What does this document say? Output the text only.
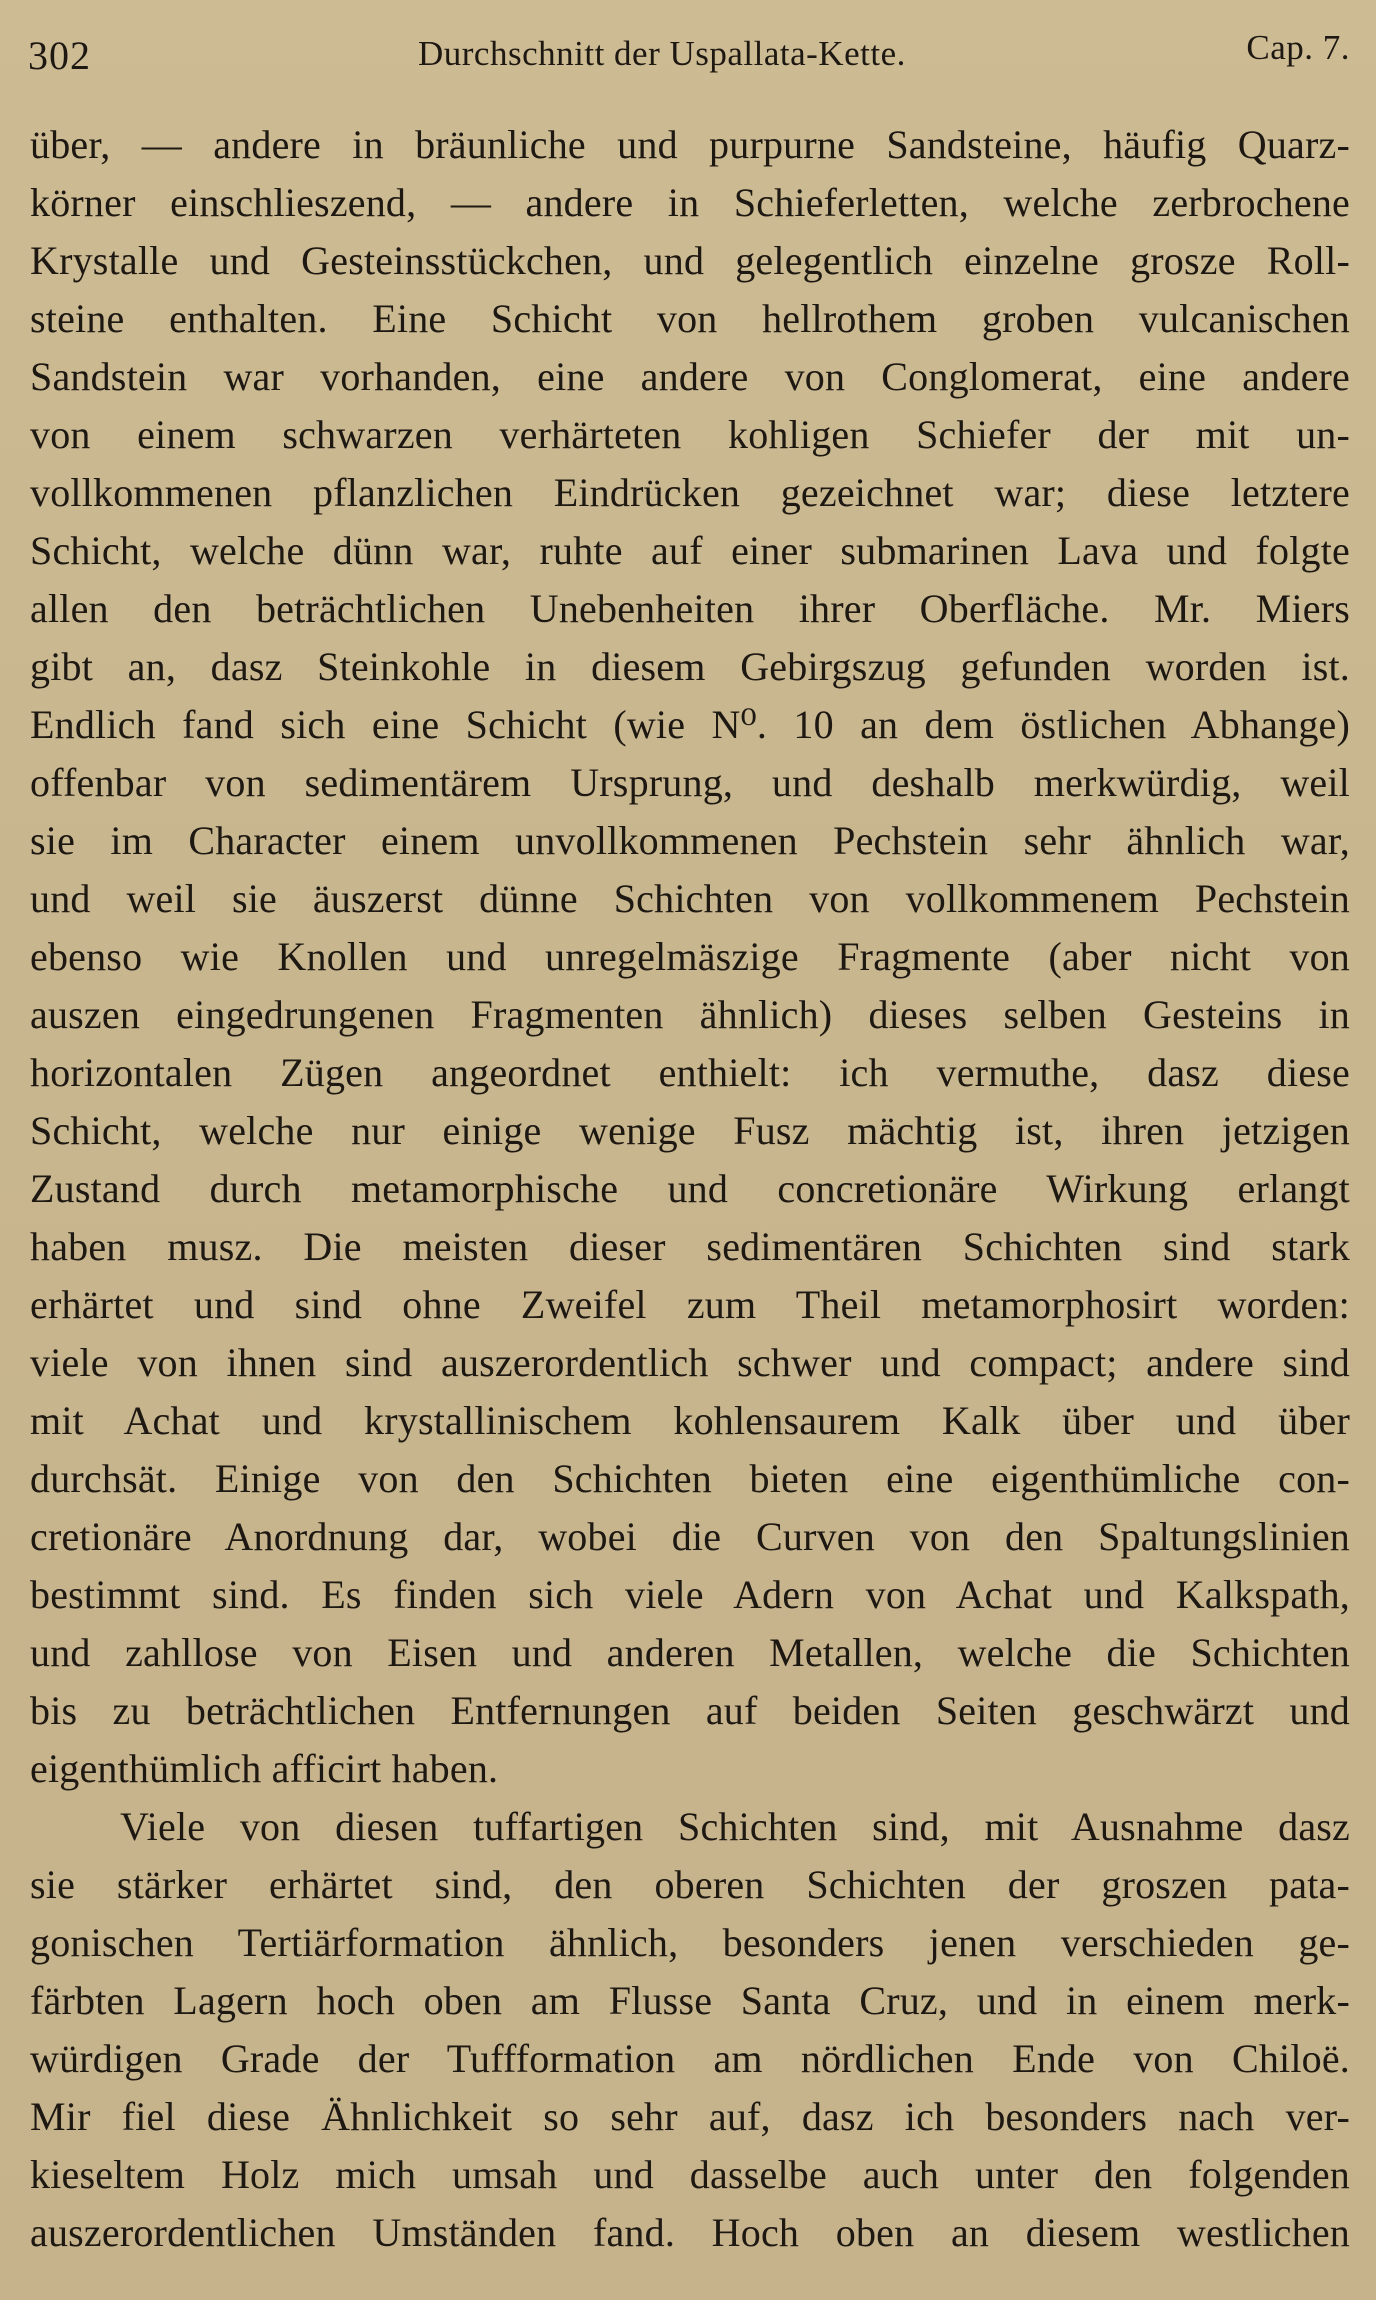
302	Durchschnitt der Uspallata-Kette.	Cap. 7.
über, — andere in bräunliche und purpurne Sandsteine, häufig Quarz-
körner einschlieszend, — andere in Schieferletten, welche zerbrochene
Krystalle und Gesteinsstückchen, und gelegentlich einzelne grosze Roll-
steine enthalten. Eine Schicht von hellrothem groben vulcanischen
Sandstein war vorhanden, eine andere von Conglomerat, eine andere
von einem schwarzen verhärteten kohligen Schiefer der mit un-
vollkommenen pflanzlichen Eindrücken gezeichnet war; diese letztere
Schicht, welche dünn war, ruhte auf einer submarinen Lava und folgte
allen den beträchtlichen Unebenheiten ihrer Oberfläche. Mr. Miers
gibt an, dasz Steinkohle in diesem Gebirgszug gefunden worden ist.
Endlich fand sich eine Schicht (wie N⁰. 10 an dem östlichen Abhange)
offenbar von sedimentärem Ursprung, und deshalb merkwürdig, weil
sie im Character einem unvollkommenen Pechstein sehr ähnlich war,
und weil sie äuszerst dünne Schichten von vollkommenem Pechstein
ebenso wie Knollen und unregelmäszige Fragmente (aber nicht von
auszen eingedrungenen Fragmenten ähnlich) dieses selben Gesteins in
horizontalen Zügen angeordnet enthielt: ich vermuthe, dasz diese
Schicht, welche nur einige wenige Fusz mächtig ist, ihren jetzigen
Zustand durch metamorphische und concretionäre Wirkung erlangt
haben musz. Die meisten dieser sedimentären Schichten sind stark
erhärtet und sind ohne Zweifel zum Theil metamorphosirt worden:
viele von ihnen sind auszerordentlich schwer und compact; andere sind
mit Achat und krystallinischem kohlensaurem Kalk über und über
durchsät. Einige von den Schichten bieten eine eigenthümliche con-
cretionäre Anordnung dar, wobei die Curven von den Spaltungslinien
bestimmt sind. Es finden sich viele Adern von Achat und Kalkspath,
und zahllose von Eisen und anderen Metallen, welche die Schichten
bis zu beträchtlichen Entfernungen auf beiden Seiten geschwärzt und
eigenthümlich afficirt haben.
Viele von diesen tuffartigen Schichten sind, mit Ausnahme dasz
sie stärker erhärtet sind, den oberen Schichten der groszen pata-
gonischen Tertiärformation ähnlich, besonders jenen verschieden ge-
färbten Lagern hoch oben am Flusse Santa Cruz, und in einem merk-
würdigen Grade der Tuffformation am nördlichen Ende von Chiloë.
Mir fiel diese Ähnlichkeit so sehr auf, dasz ich besonders nach ver-
kieseltem Holz mich umsah und dasselbe auch unter den folgenden
auszerordentlichen Umständen fand. Hoch oben an diesem westlichen
